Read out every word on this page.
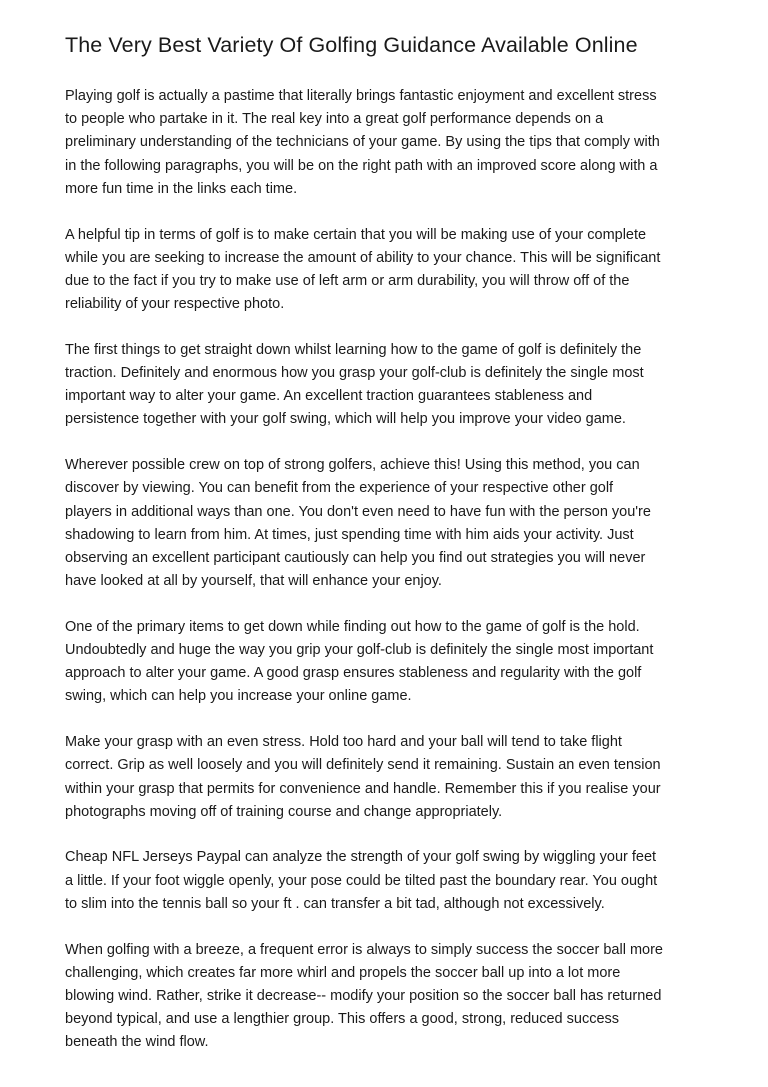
The Very Best Variety Of Golfing Guidance Available Online
Playing golf is actually a pastime that literally brings fantastic enjoyment and excellent stress
to people who partake in it. The real key into a great golf performance depends on a
preliminary understanding of the technicians of your game. By using the tips that comply with
in the following paragraphs, you will be on the right path with an improved score along with a
more fun time in the links each time.
A helpful tip in terms of golf is to make certain that you will be making use of your complete
while you are seeking to increase the amount of ability to your chance. This will be significant
due to the fact if you try to make use of left arm or arm durability, you will throw off of the
reliability of your respective photo.
The first things to get straight down whilst learning how to the game of golf is definitely the
traction. Definitely and enormous how you grasp your golf-club is definitely the single most
important way to alter your game. An excellent traction guarantees stableness and
persistence together with your golf swing, which will help you improve your video game.
Wherever possible crew on top of strong golfers, achieve this! Using this method, you can
discover by viewing. You can benefit from the experience of your respective other golf
players in additional ways than one. You don't even need to have fun with the person you're
shadowing to learn from him. At times, just spending time with him aids your activity. Just
observing an excellent participant cautiously can help you find out strategies you will never
have looked at all by yourself, that will enhance your enjoy.
One of the primary items to get down while finding out how to the game of golf is the hold.
Undoubtedly and huge the way you grip your golf-club is definitely the single most important
approach to alter your game. A good grasp ensures stableness and regularity with the golf
swing, which can help you increase your online game.
Make your grasp with an even stress. Hold too hard and your ball will tend to take flight
correct. Grip as well loosely and you will definitely send it remaining. Sustain an even tension
within your grasp that permits for convenience and handle. Remember this if you realise your
photographs moving off of training course and change appropriately.
Cheap NFL Jerseys Paypal can analyze the strength of your golf swing by wiggling your feet
a little. If your foot wiggle openly, your pose could be tilted past the boundary rear. You ought
to slim into the tennis ball so your ft . can transfer a bit tad, although not excessively.
When golfing with a breeze, a frequent error is always to simply success the soccer ball more
challenging, which creates far more whirl and propels the soccer ball up into a lot more
blowing wind. Rather, strike it decrease-- modify your position so the soccer ball has returned
beyond typical, and use a lengthier group. This offers a good, strong, reduced success
beneath the wind flow.
